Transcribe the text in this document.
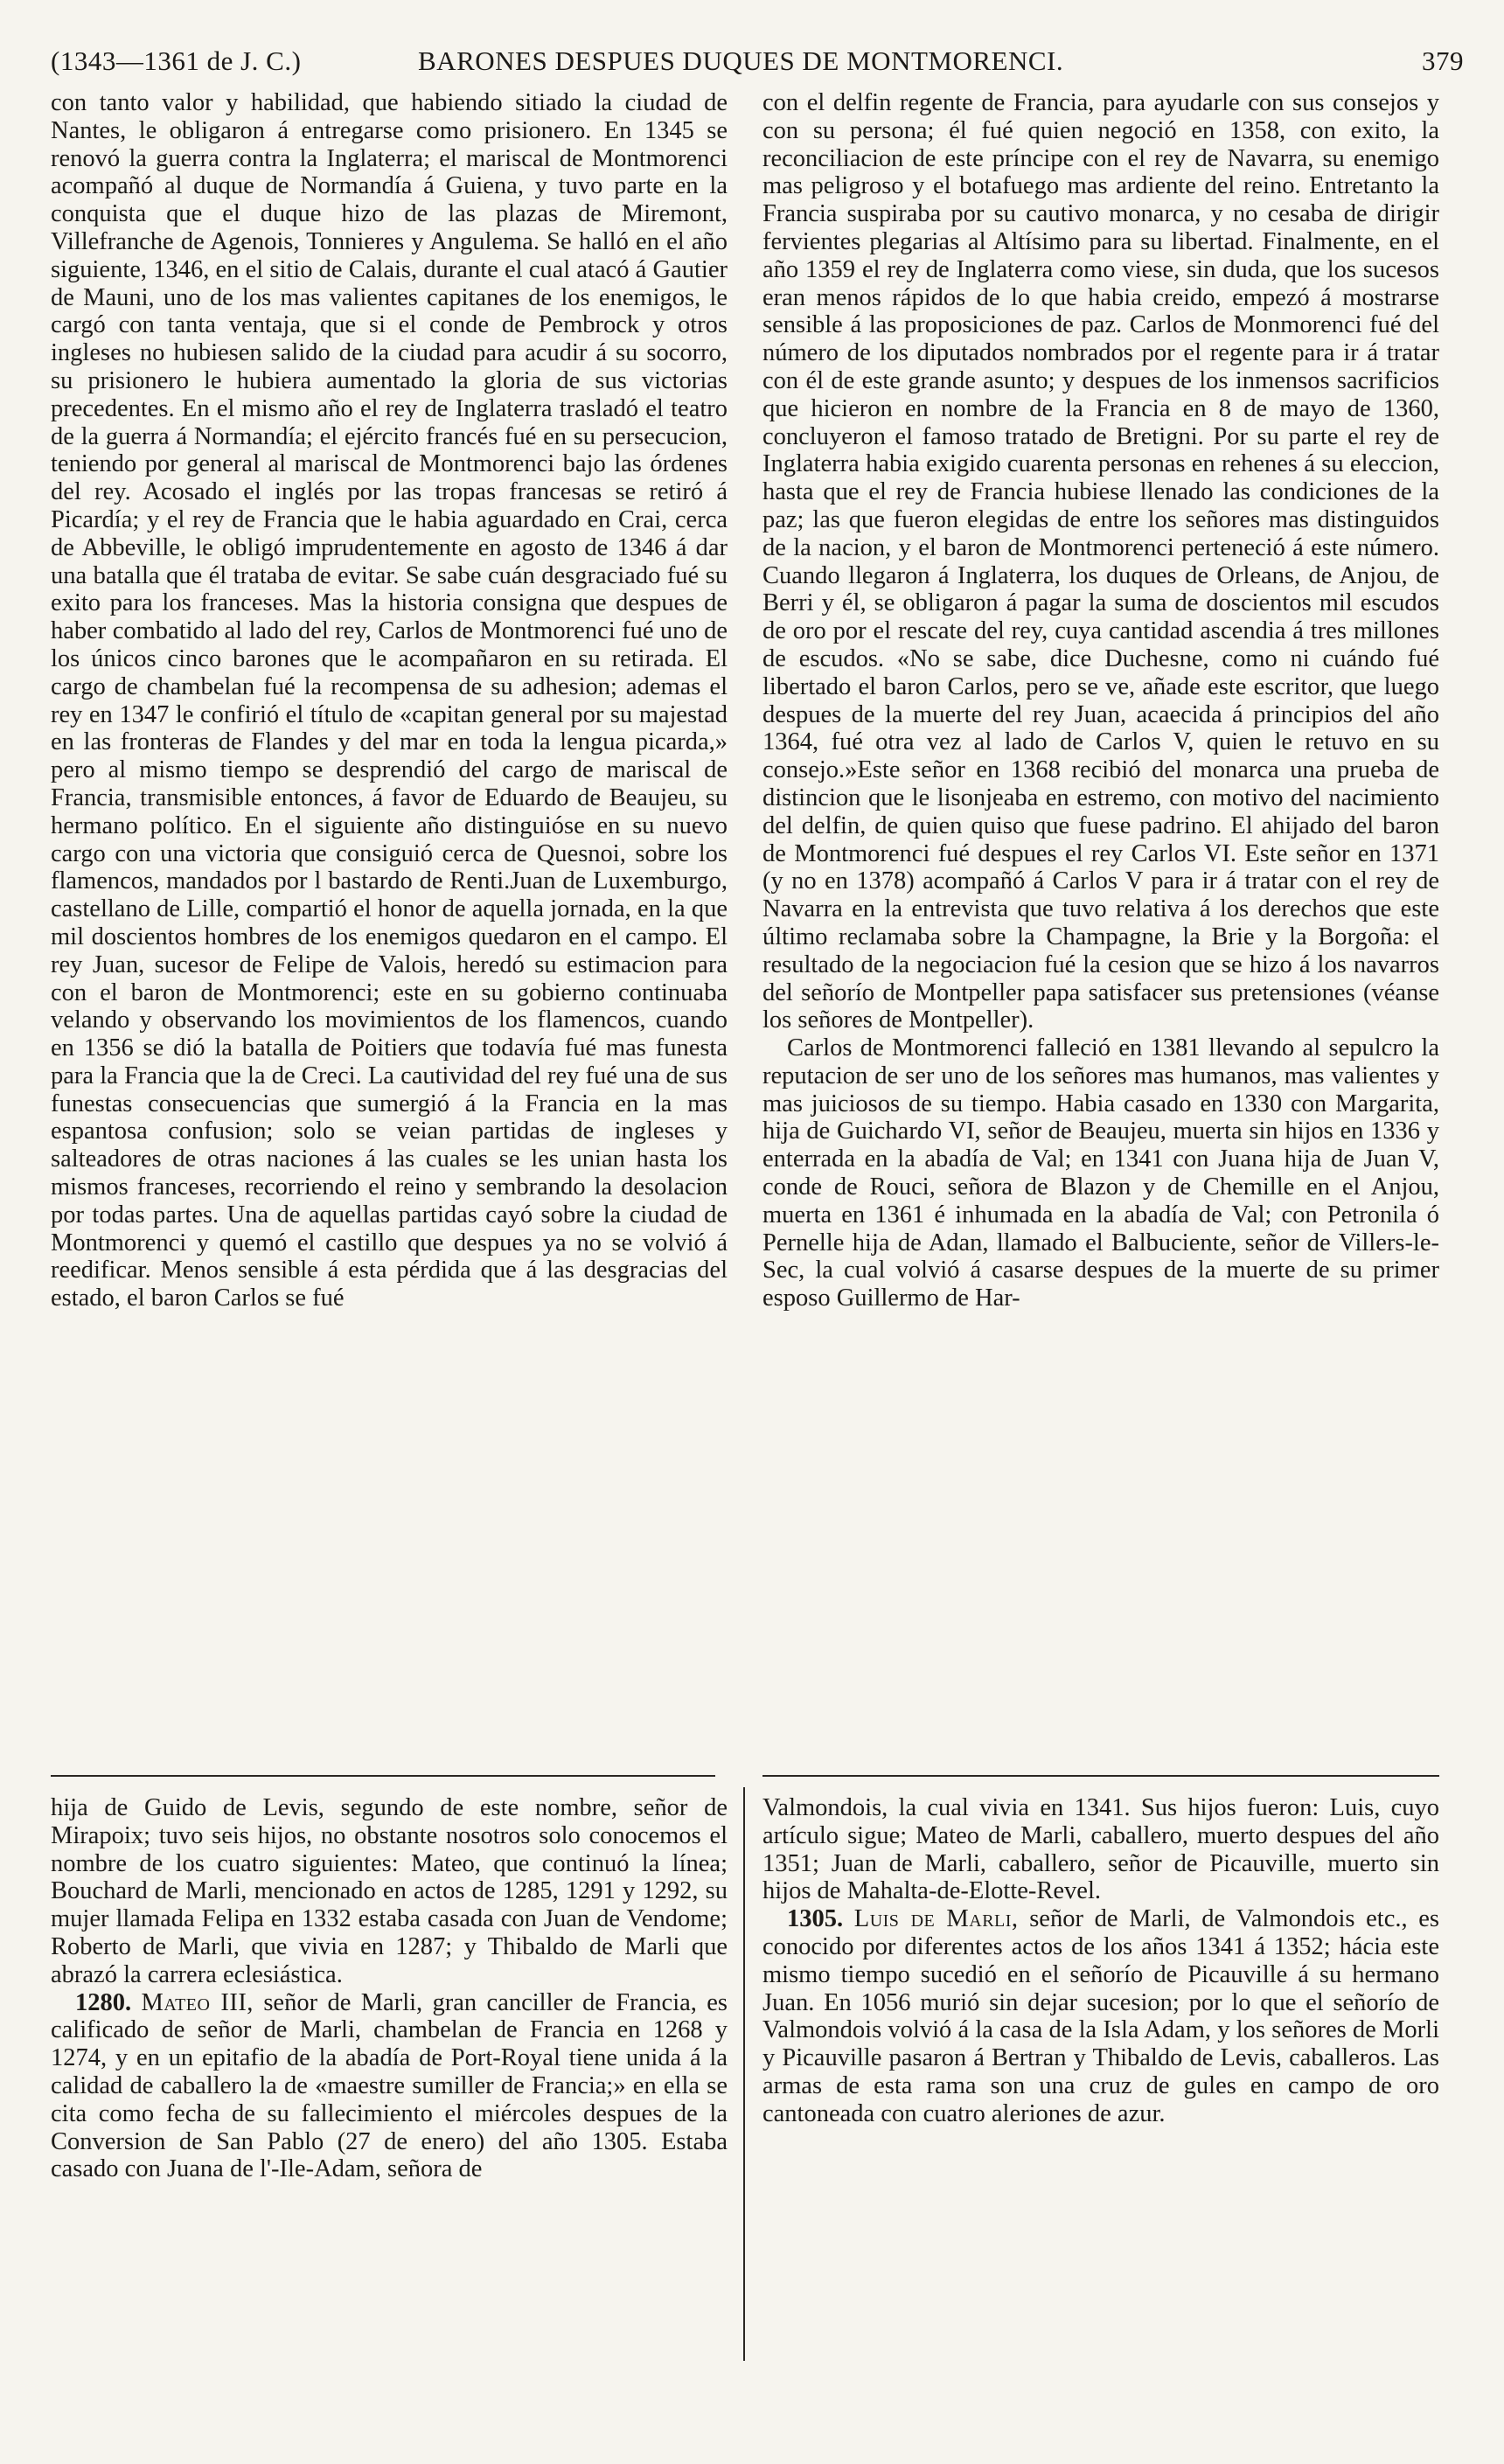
(1343—1361 de J. C.)	BARONES DESPUES DUQUES DE MONTMORENCI.	379

con tanto valor y habilidad, que habiendo sitiado la ciudad de Nantes, le obligaron á entregarse como prisionero. En 1345 se renovó la guerra contra la Inglaterra; el mariscal de Montmorenci acompañó al duque de Normandía á Guiena, y tuvo parte en la conquista que el duque hizo de las plazas de Miremont, Villefranche de Agenois, Tonnieres y Angulema. Se halló en el año siguiente, 1346, en el sitio de Calais, durante el cual atacó á Gautier de Mauni, uno de los mas valientes capitanes de los enemigos, le cargó con tanta ventaja, que si el conde de Pembrock y otros ingleses no hubiesen salido de la ciudad para acudir á su socorro, su prisionero le hubiera aumentado la gloria de sus victorias precedentes. En el mismo año el rey de Inglaterra trasladó el teatro de la guerra á Normandía; el ejército francés fué en su persecucion, teniendo por general al mariscal de Montmorenci bajo las órdenes del rey. Acosado el inglés por las tropas francesas se retiró á Picardía; y el rey de Francia que le habia aguardado en Crai, cerca de Abbeville, le obligó imprudentemente en agosto de 1346 á dar una batalla que él trataba de evitar. Se sabe cuán desgraciado fué su exito para los franceses. Mas la historia consigna que despues de haber combatido al lado del rey, Carlos de Montmorenci fué uno de los únicos cinco barones que le acompañaron en su retirada. El cargo de chambelan fué la recompensa de su adhesion; ademas el rey en 1347 le confirió el título de «capitan general por su majestad en las fronteras de Flandes y del mar en toda la lengua picarda,» pero al mismo tiempo se desprendió del cargo de mariscal de Francia, transmisible entonces, á favor de Eduardo de Beaujeu, su hermano político. En el siguiente año distinguióse en su nuevo cargo con una victoria que consiguió cerca de Quesnoi, sobre los flamencos, mandados por l bastardo de Renti.Juan de Luxemburgo, castellano de Lille, compartió el honor de aquella jornada, en la que mil doscientos hombres de los enemigos quedaron en el campo. El rey Juan, sucesor de Felipe de Valois, heredó su estimacion para con el baron de Montmorenci; este en su gobierno continuaba velando y observando los movimientos de los flamencos, cuando en 1356 se dió la batalla de Poitiers que todavía fué mas funesta para la Francia que la de Creci. La cautividad del rey fué una de sus funestas consecuencias que sumergió á la Francia en la mas espantosa confusion; solo se veian partidas de ingleses y salteadores de otras naciones á las cuales se les unian hasta los mismos franceses, recorriendo el reino y sembrando la desolacion por todas partes. Una de aquellas partidas cayó sobre la ciudad de Montmorenci y quemó el castillo que despues ya no se volvió á reedificar. Menos sensible á esta pérdida que á las desgracias del estado, el baron Carlos se fué

con el delfin regente de Francia, para ayudarle con sus consejos y con su persona; él fué quien negoció en 1358, con exito, la reconciliacion de este príncipe con el rey de Navarra, su enemigo mas peligroso y el botafuego mas ardiente del reino. Entretanto la Francia suspiraba por su cautivo monarca, y no cesaba de dirigir fervientes plegarias al Altísimo para su libertad. Finalmente, en el año 1359 el rey de Inglaterra como viese, sin duda, que los sucesos eran menos rápidos de lo que habia creido, empezó á mostrarse sensible á las proposiciones de paz. Carlos de Monmorenci fué del número de los diputados nombrados por el regente para ir á tratar con él de este grande asunto; y despues de los inmensos sacrificios que hicieron en nombre de la Francia en 8 de mayo de 1360, concluyeron el famoso tratado de Bretigni. Por su parte el rey de Inglaterra habia exigido cuarenta personas en rehenes á su eleccion, hasta que el rey de Francia hubiese llenado las condiciones de la paz; las que fueron elegidas de entre los señores mas distinguidos de la nacion, y el baron de Montmorenci perteneció á este número. Cuando llegaron á Inglaterra, los duques de Orleans, de Anjou, de Berri y él, se obligaron á pagar la suma de doscientos mil escudos de oro por el rescate del rey, cuya cantidad ascendia á tres millones de escudos. «No se sabe, dice Duchesne, como ni cuándo fué libertado el baron Carlos, pero se ve, añade este escritor, que luego despues de la muerte del rey Juan, acaecida á principios del año 1364, fué otra vez al lado de Carlos V, quien le retuvo en su consejo.»Este señor en 1368 recibió del monarca una prueba de distincion que le lisonjeaba en estremo, con motivo del nacimiento del delfin, de quien quiso que fuese padrino. El ahijado del baron de Montmorenci fué despues el rey Carlos VI. Este señor en 1371 (y no en 1378) acompañó á Carlos V para ir á tratar con el rey de Navarra en la entrevista que tuvo relativa á los derechos que este último reclamaba sobre la Champagne, la Brie y la Borgoña: el resultado de la negociacion fué la cesion que se hizo á los navarros del señorío de Montpeller papa satisfacer sus pretensiones (véanse los señores de Montpeller).

Carlos de Montmorenci falleció en 1381 llevando al sepulcro la reputacion de ser uno de los señores mas humanos, mas valientes y mas juiciosos de su tiempo. Habia casado en 1330 con Margarita, hija de Guichardo VI, señor de Beaujeu, muerta sin hijos en 1336 y enterrada en la abadía de Val; en 1341 con Juana hija de Juan V, conde de Rouci, señora de Blazon y de Chemille en el Anjou, muerta en 1361 é inhumada en la abadía de Val; con Petronila ó Pernelle hija de Adan, llamado el Balbuciente, señor de Villers-le-Sec, la cual volvió á casarse despues de la muerte de su primer esposo Guillermo de Har-

hija de Guido de Levis, segundo de este nombre, señor de Mirapoix; tuvo seis hijos, no obstante nosotros solo conocemos el nombre de los cuatro siguientes: Mateo, que continuó la línea; Bouchard de Marli, mencionado en actos de 1285, 1291 y 1292, su mujer llamada Felipa en 1332 estaba casada con Juan de Vendome; Roberto de Marli, que vivia en 1287; y Thibaldo de Marli que abrazó la carrera eclesiástica.

1280. Mateo III, señor de Marli, gran canciller de Francia, es calificado de señor de Marli, chambelan de Francia en 1268 y 1274, y en un epitafio de la abadía de Port-Royal tiene unida á la calidad de caballero la de «maestre sumiller de Francia;» en ella se cita como fecha de su fallecimiento el miércoles despues de la Conversion de San Pablo (27 de enero) del año 1305. Estaba casado con Juana de l'-Ile-Adam, señora de

Valmondois, la cual vivia en 1341. Sus hijos fueron: Luis, cuyo artículo sigue; Mateo de Marli, caballero, muerto despues del año 1351; Juan de Marli, caballero, señor de Picauville, muerto sin hijos de Mahalta-de-Elotte-Revel.

1305. Luis de Marli, señor de Marli, de Valmondois etc., es conocido por diferentes actos de los años 1341 á 1352; hácia este mismo tiempo sucedió en el señorío de Picauville á su hermano Juan. En 1056 murió sin dejar sucesion; por lo que el señorío de Valmondois volvió á la casa de la Isla Adam, y los señores de Morli y Picauville pasaron á Bertran y Thibaldo de Levis, caballeros. Las armas de esta rama son una cruz de gules en campo de oro cantoneada con cuatro aleriones de azur.
